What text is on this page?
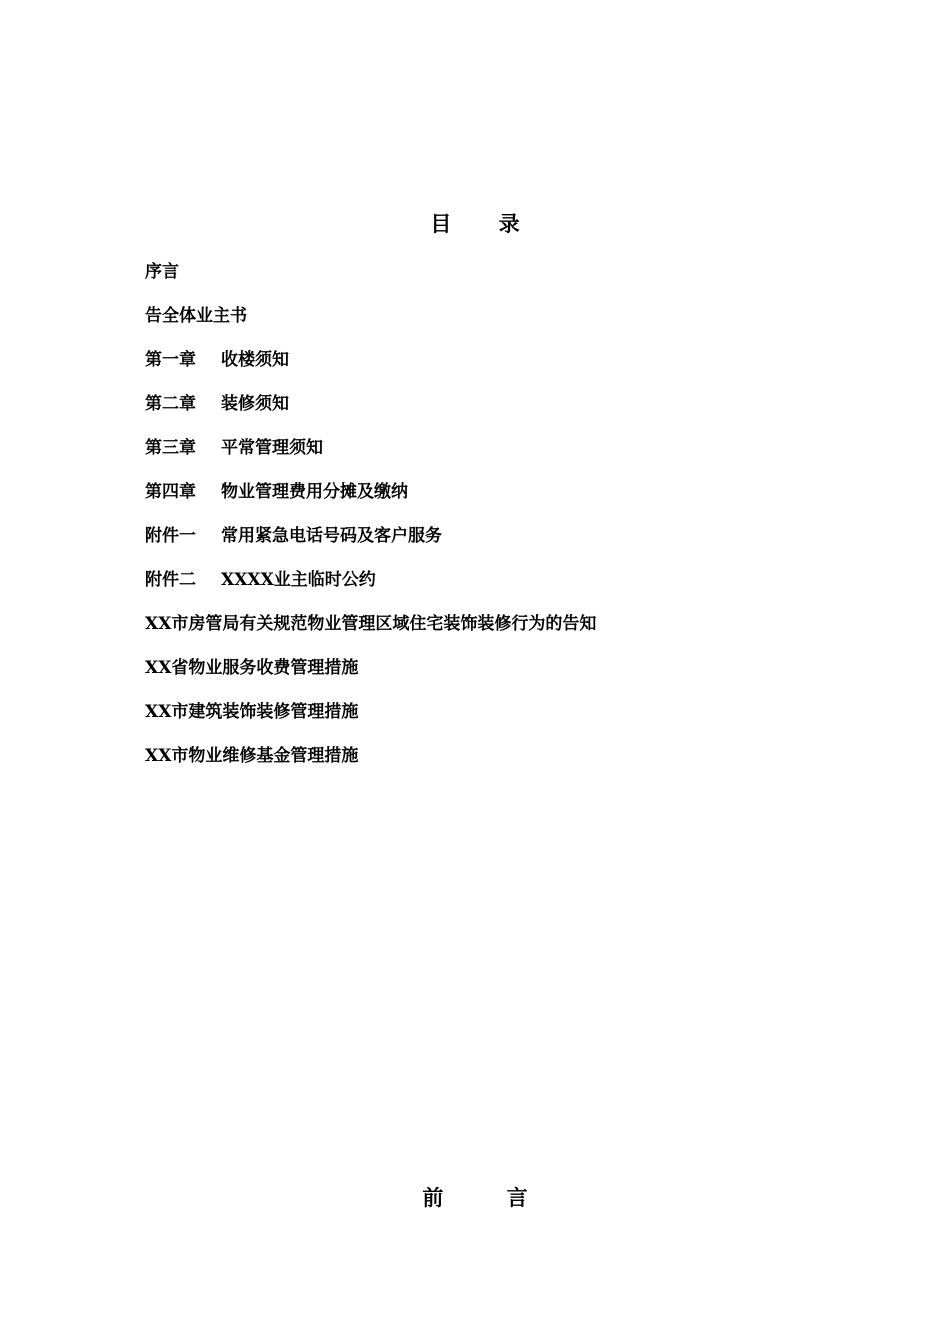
目 录
序言
告全体业主书
第一章 收楼须知
第二章 装修须知
第三章 平常管理须知
第四章 物业管理费用分摊及缴纳
附件一 常用紧急电话号码及客户服务
附件二 XXXX业主临时公约
XX市房管局有关规范物业管理区域住宅装饰装修行为的告知
XX省物业服务收费管理措施
XX市建筑装饰装修管理措施
XX市物业维修基金管理措施
前 言
